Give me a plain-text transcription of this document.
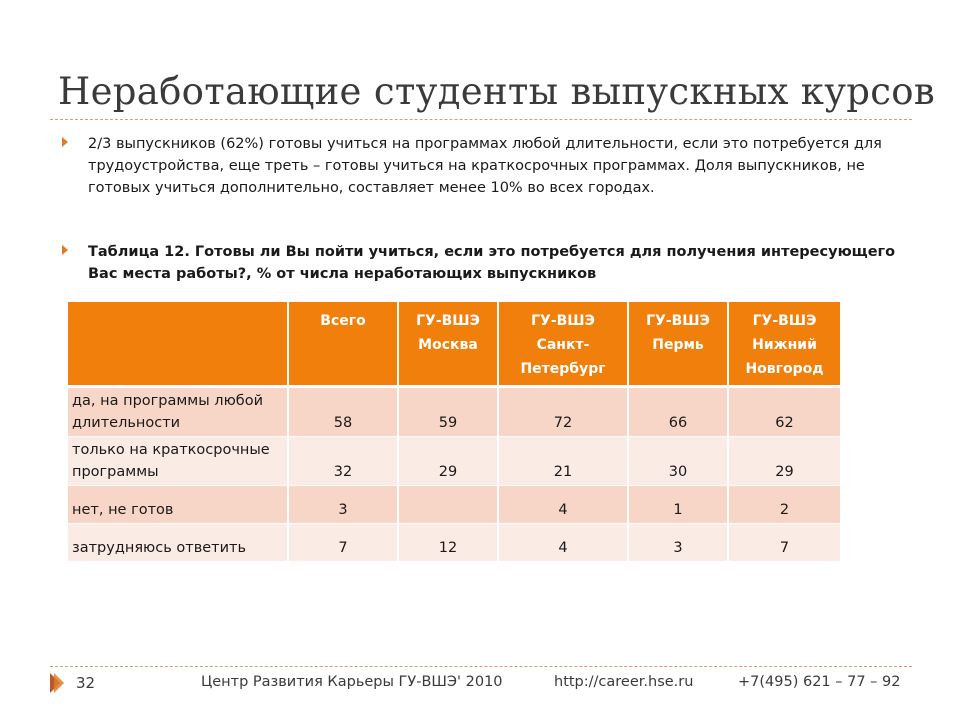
Неработающие студенты выпускных курсов
2/3 выпускников (62%) готовы учиться на программах любой длительности, если это потребуется для трудоустройства, еще треть – готовы учиться на краткосрочных программах. Доля выпускников, не готовых учиться дополнительно, составляет менее 10% во всех городах.
Таблица 12. Готовы ли Вы пойти учиться, если это потребуется для получения интересующего Вас места работы?, % от числа неработающих выпускников
	Всего	ГУ-ВШЭ Москва	ГУ-ВШЭ Санкт-Петербург	ГУ-ВШЭ Пермь	ГУ-ВШЭ Нижний Новгород
да, на программы любой длительности	58	59	72	66	62
только на краткосрочные программы	32	29	21	30	29
нет, не готов	3		4	1	2
затрудняюсь ответить	7	12	4	3	7
32	Центр Развития Карьеры ГУ-ВШЭ' 2010	http://career.hse.ru	+7(495) 621 – 77 – 92
